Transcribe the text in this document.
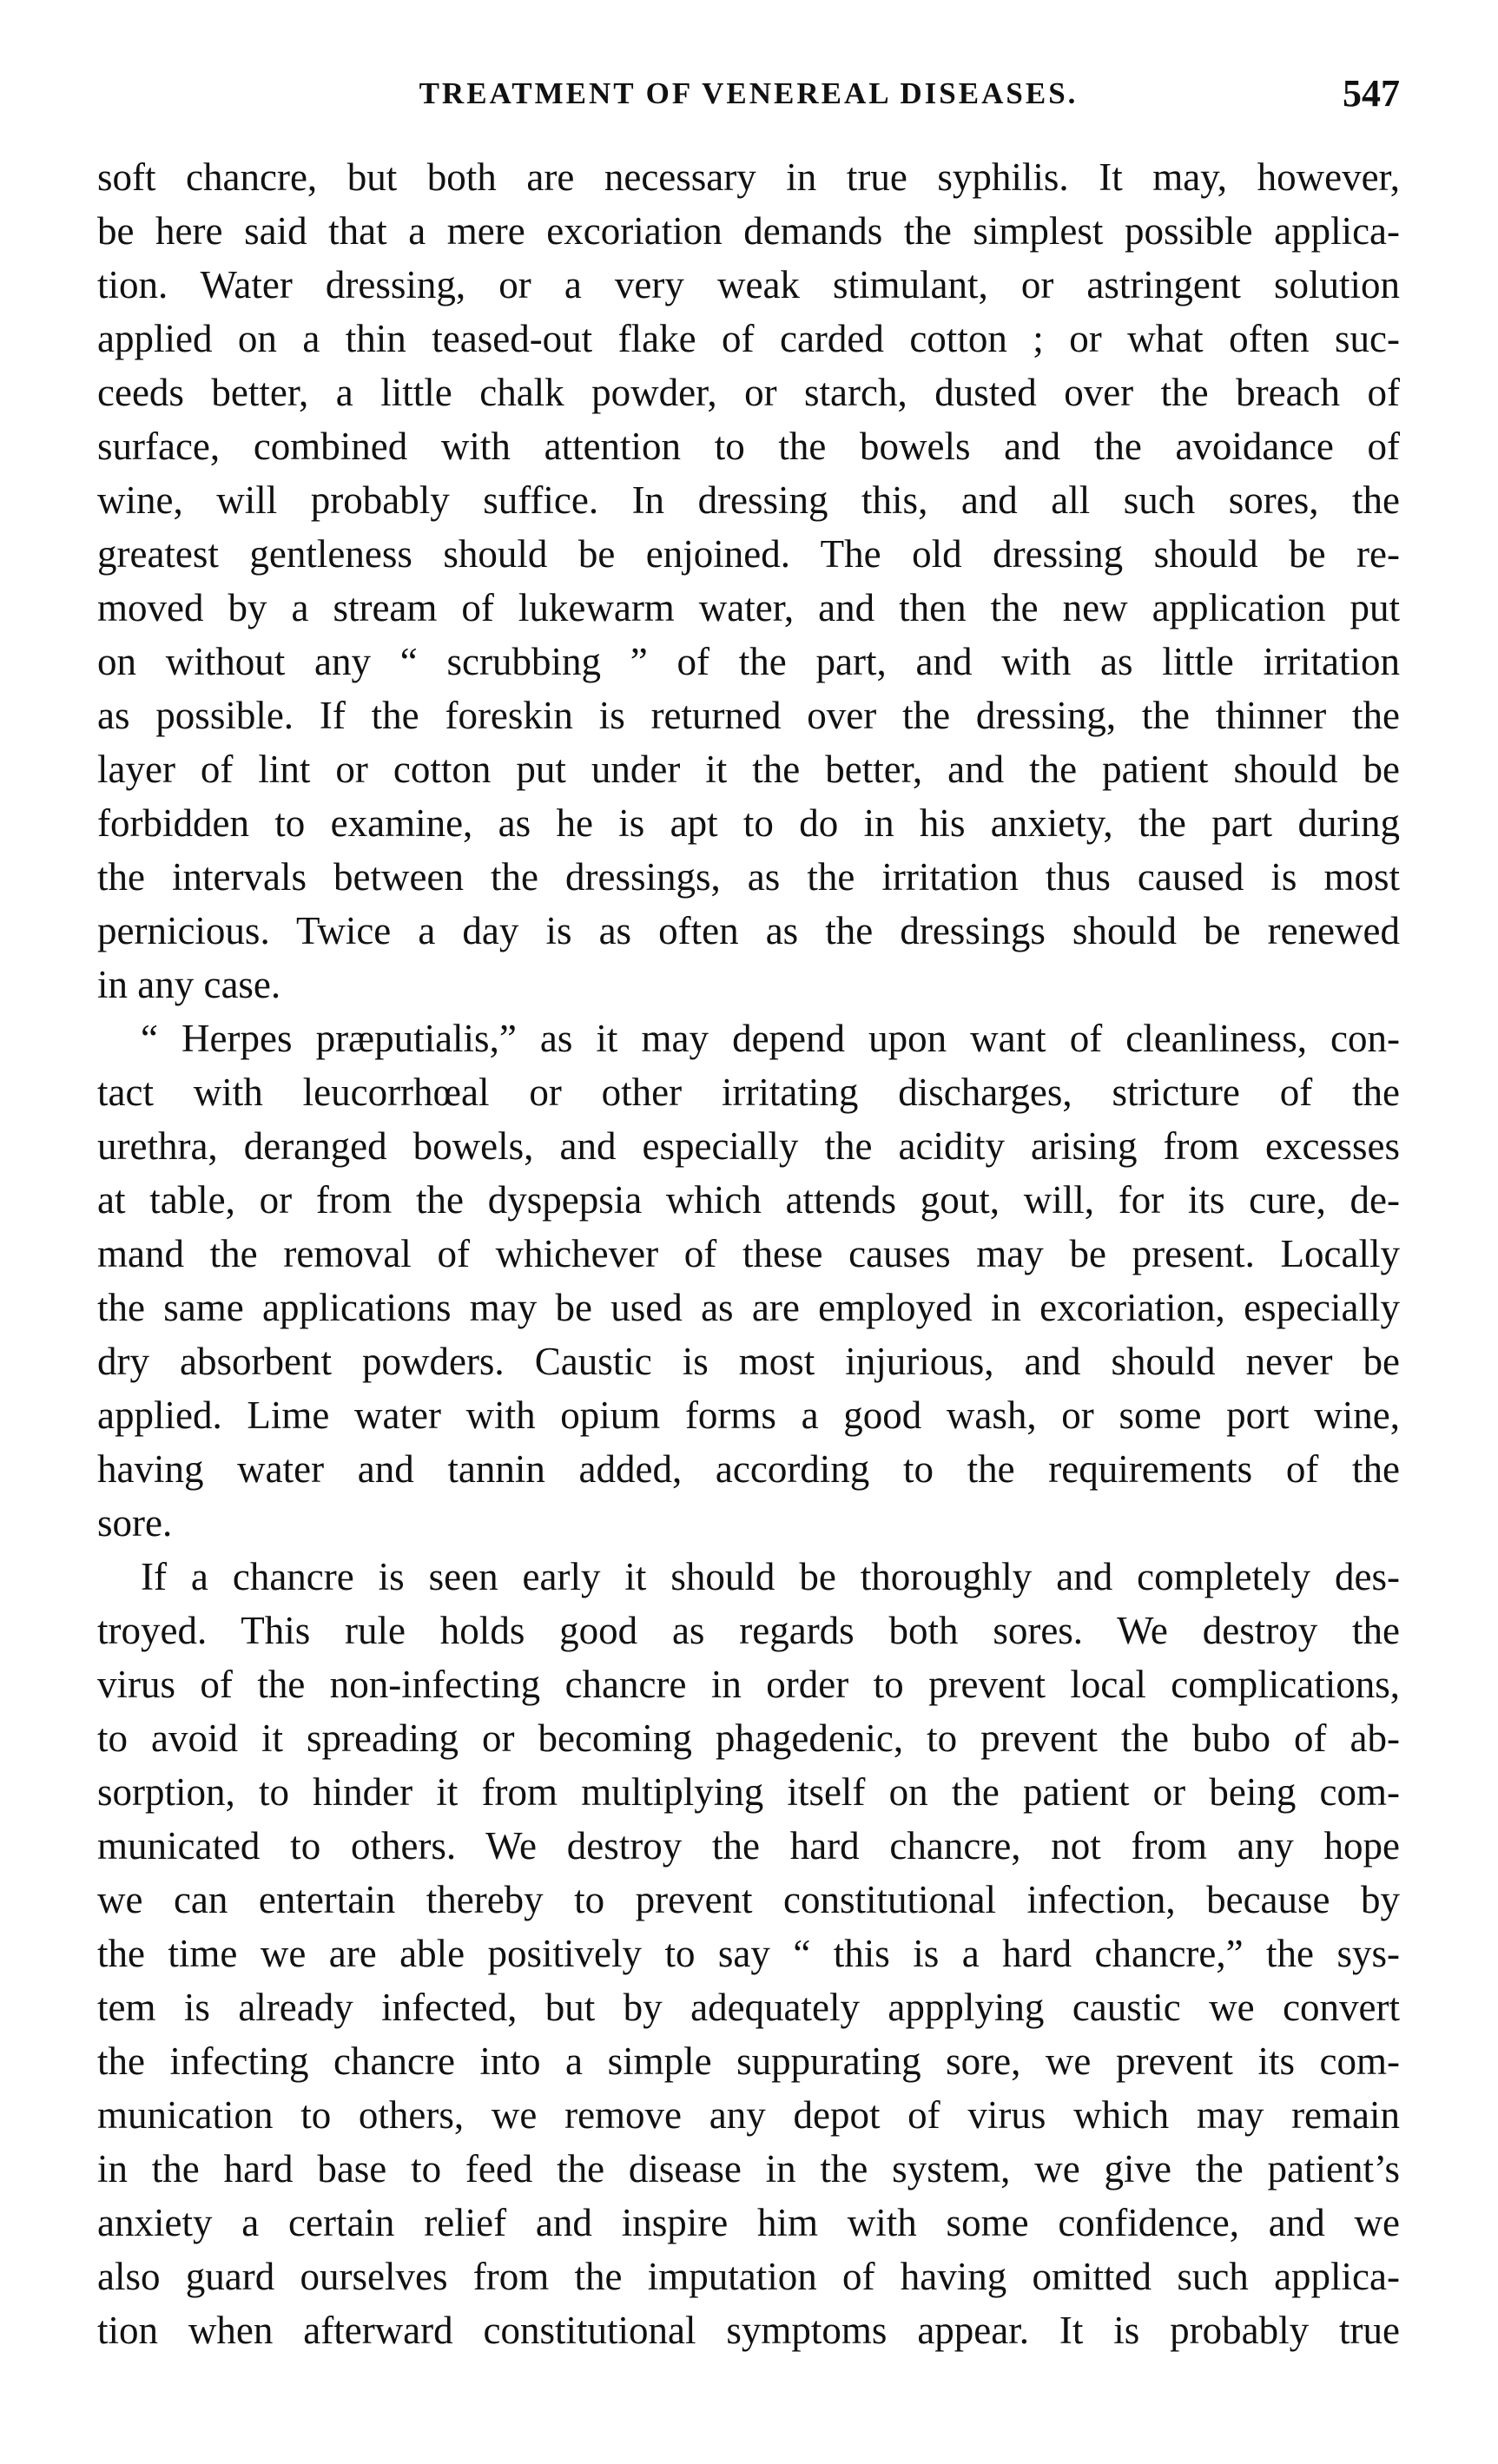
TREATMENT OF VENEREAL DISEASES.	547
soft chancre, but both are necessary in true syphilis. It may, however,
be here said that a mere excoriation demands the simplest possible applica-
tion. Water dressing, or a very weak stimulant, or astringent solution
applied on a thin teased-out flake of carded cotton ; or what often suc-
ceeds better, a little chalk powder, or starch, dusted over the breach of
surface, combined with attention to the bowels and the avoidance of
wine, will probably suffice. In dressing this, and all such sores, the
greatest gentleness should be enjoined. The old dressing should be re-
moved by a stream of lukewarm water, and then the new application put
on without any “ scrubbing ” of the part, and with as little irritation
as possible. If the foreskin is returned over the dressing, the thinner the
layer of lint or cotton put under it the better, and the patient should be
forbidden to examine, as he is apt to do in his anxiety, the part during
the intervals between the dressings, as the irritation thus caused is most
pernicious. Twice a day is as often as the dressings should be renewed
in any case.
“ Herpes præputialis,” as it may depend upon want of cleanliness, con-
tact with leucorrhœal or other irritating discharges, stricture of the
urethra, deranged bowels, and especially the acidity arising from excesses
at table, or from the dyspepsia which attends gout, will, for its cure, de-
mand the removal of whichever of these causes may be present. Locally
the same applications may be used as are employed in excoriation, especially
dry absorbent powders. Caustic is most injurious, and should never be
applied. Lime water with opium forms a good wash, or some port wine,
having water and tannin added, according to the requirements of the
sore.
If a chancre is seen early it should be thoroughly and completely des-
troyed. This rule holds good as regards both sores. We destroy the
virus of the non-infecting chancre in order to prevent local complications,
to avoid it spreading or becoming phagedenic, to prevent the bubo of ab-
sorption, to hinder it from multiplying itself on the patient or being com-
municated to others. We destroy the hard chancre, not from any hope
we can entertain thereby to prevent constitutional infection, because by
the time we are able positively to say “ this is a hard chancre,” the sys-
tem is already infected, but by adequately appplying caustic we convert
the infecting chancre into a simple suppurating sore, we prevent its com-
munication to others, we remove any depot of virus which may remain
in the hard base to feed the disease in the system, we give the patient’s
anxiety a certain relief and inspire him with some confidence, and we
also guard ourselves from the imputation of having omitted such applica-
tion when afterward constitutional symptoms appear. It is probably true
